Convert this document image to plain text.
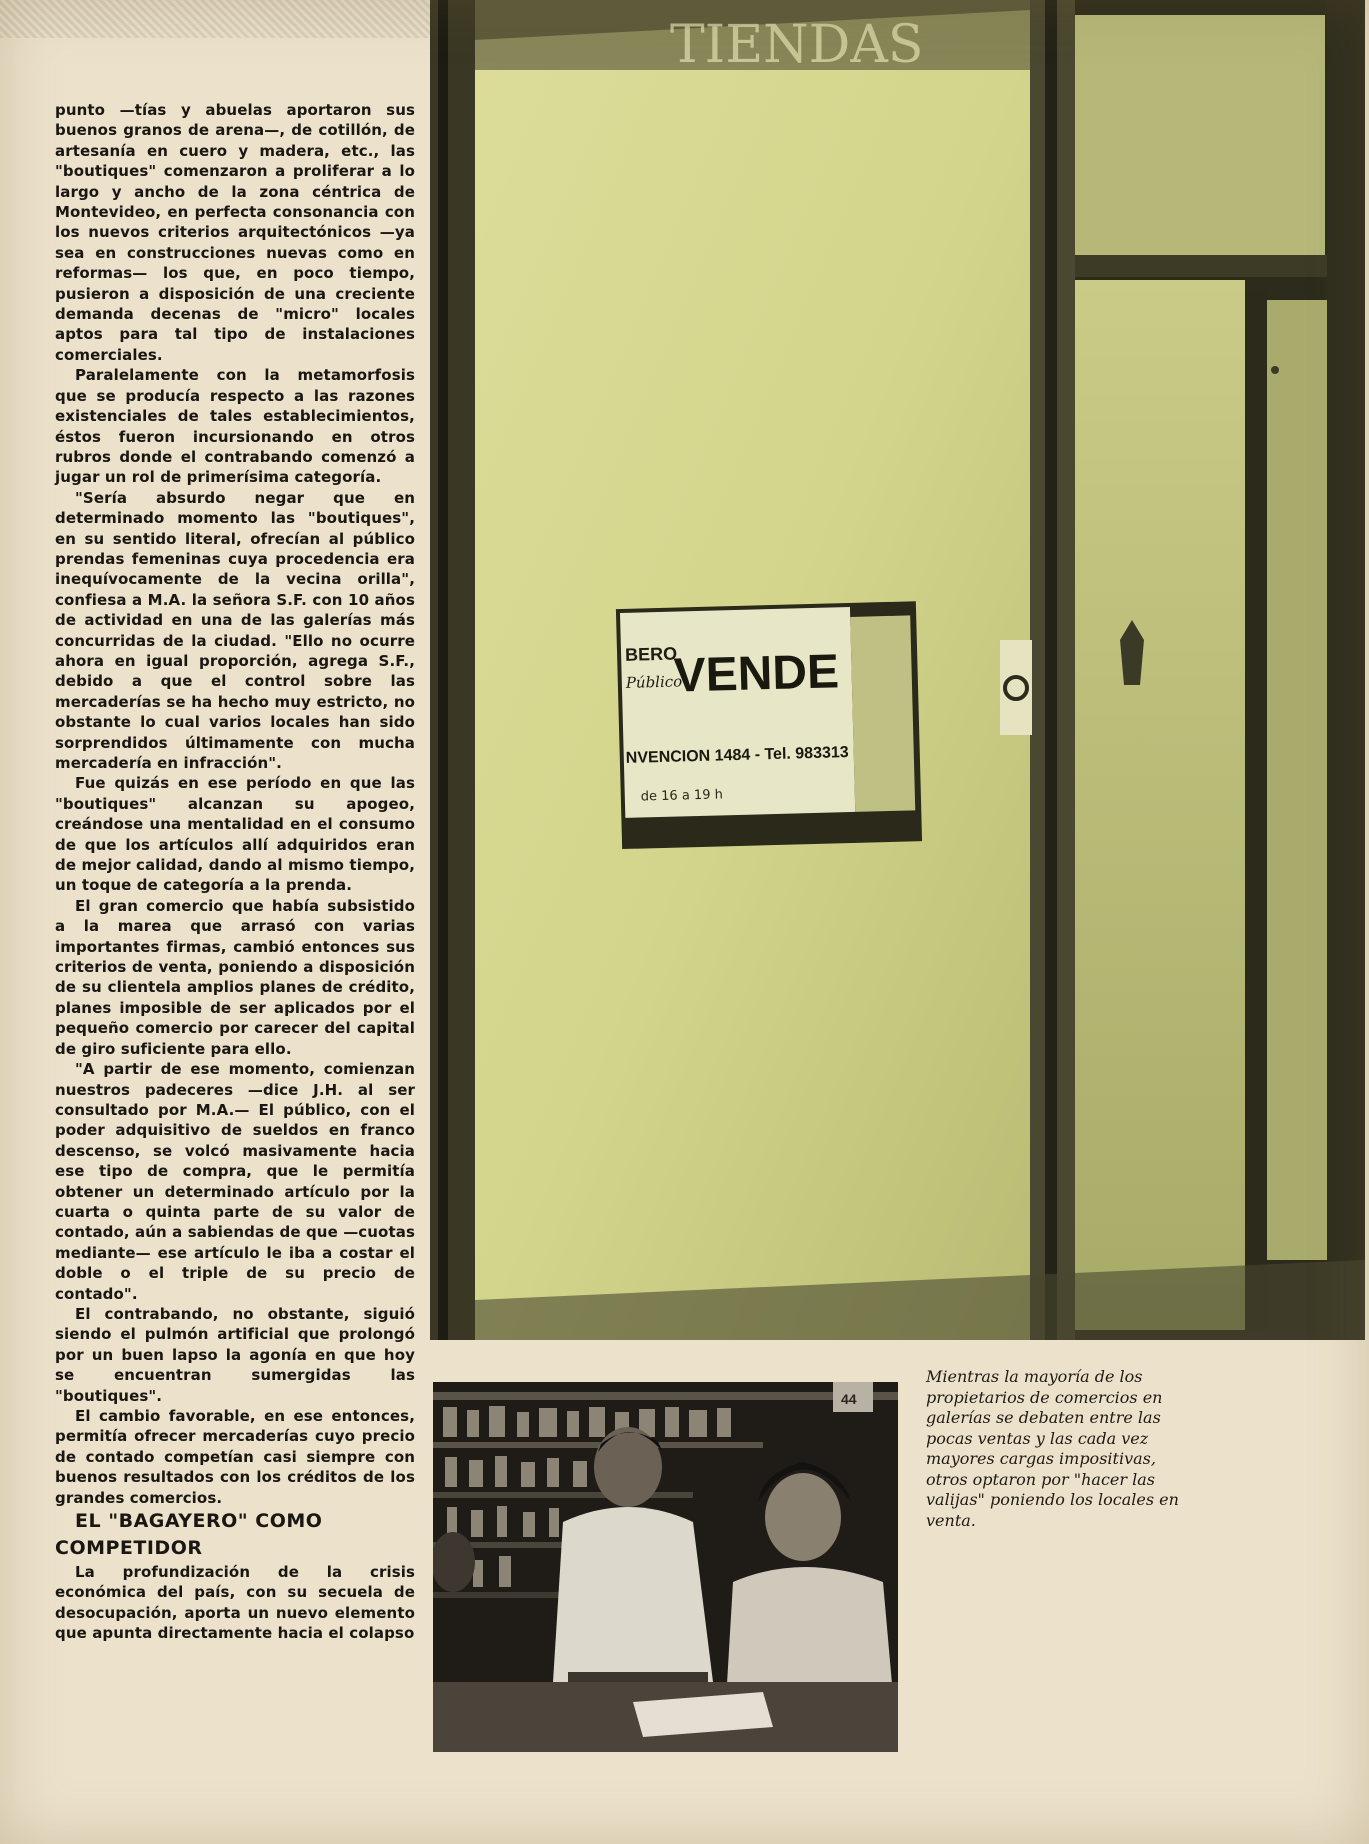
punto —tías y abuelas aportaron sus buenos granos de arena—, de cotillón, de artesanía en cuero y madera, etc., las "boutiques" comenzaron a proliferar a lo largo y ancho de la zona céntrica de Montevideo, en perfecta consonancia con los nuevos criterios arquitectónicos —ya sea en construcciones nuevas como en reformas— los que, en poco tiempo, pusieron a disposición de una creciente demanda decenas de "micro" locales aptos para tal tipo de instalaciones comerciales.

Paralelamente con la metamorfosis que se producía respecto a las razones existenciales de tales establecimientos, éstos fueron incursionando en otros rubros donde el contrabando comenzó a jugar un rol de primerísima categoría.

"Sería absurdo negar que en determinado momento las "boutiques", en su sentido literal, ofrecían al público prendas femeninas cuya procedencia era inequívocamente de la vecina orilla", confiesa a M.A. la señora S.F. con 10 años de actividad en una de las galerías más concurridas de la ciudad. "Ello no ocurre ahora en igual proporción, agrega S.F., debido a que el control sobre las mercaderías se ha hecho muy estricto, no obstante lo cual varios locales han sido sorprendidos últimamente con mucha mercadería en infracción".

Fue quizás en ese período en que las "boutiques" alcanzan su apogeo, creándose una mentalidad en el consumo de que los artículos allí adquiridos eran de mejor calidad, dando al mismo tiempo, un toque de categoría a la prenda.

El gran comercio que había subsistido a la marea que arrasó con varias importantes firmas, cambió entonces sus criterios de venta, poniendo a disposición de su clientela amplios planes de crédito, planes imposible de ser aplicados por el pequeño comercio por carecer del capital de giro suficiente para ello.

"A partir de ese momento, comienzan nuestros padeceres —dice J.H. al ser consultado por M.A.— El público, con el poder adquisitivo de sueldos en franco descenso, se volcó masivamente hacia ese tipo de compra, que le permitía obtener un determinado artículo por la cuarta o quinta parte de su valor de contado, aún a sabiendas de que —cuotas mediante— ese artículo le iba a costar el doble o el triple de su precio de contado".

El contrabando, no obstante, siguió siendo el pulmón artificial que prolongó por un buen lapso la agonía en que hoy se encuentran sumergidas las "boutiques".

El cambio favorable, en ese entonces, permitía ofrecer mercaderías cuyo precio de contado competían casi siempre con buenos resultados con los créditos de los grandes comercios.

EL "BAGAYERO" COMO COMPETIDOR

La profundización de la crisis económica del país, con su secuela de desocupación, aporta un nuevo elemento que apunta directamente hacia el colapso

TIENDAS
BERO
Público
VENDE
NVENCION 1484 - Tel. 983313
de 16 a 19 h
44
Mientras la mayoría de los propietarios de comercios en galerías se debaten entre las pocas ventas y las cada vez mayores cargas impositivas, otros optaron por "hacer las valijas" poniendo los locales en venta.
